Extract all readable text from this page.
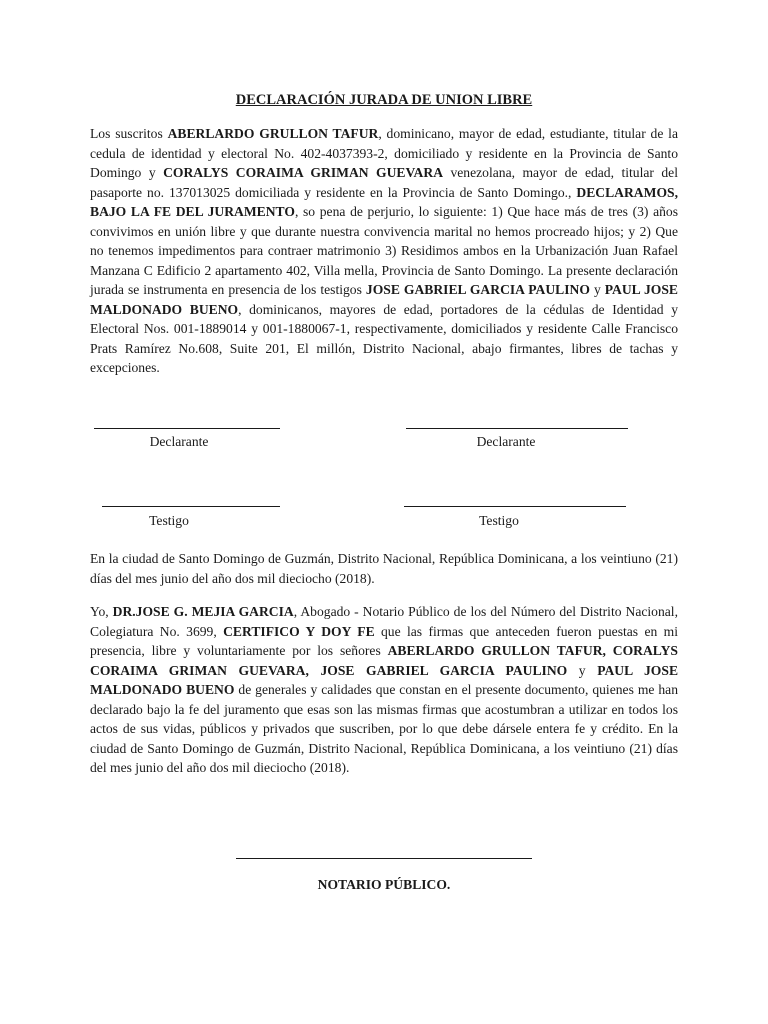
DECLARACIÓN JURADA DE UNION LIBRE
Los suscritos ABERLARDO GRULLON TAFUR, dominicano, mayor de edad, estudiante, titular de la cedula de identidad y electoral No. 402-4037393-2, domiciliado y residente en la Provincia de Santo Domingo y CORALYS CORAIMA GRIMAN GUEVARA venezolana, mayor de edad, titular del pasaporte no. 137013025 domiciliada y residente en la Provincia de Santo Domingo., DECLARAMOS, BAJO LA FE DEL JURAMENTO, so pena de perjurio, lo siguiente: 1) Que hace más de tres (3) años convivimos en unión libre y que durante nuestra convivencia marital no hemos procreado hijos; y 2) Que no tenemos impedimentos para contraer matrimonio 3) Residimos ambos en la Urbanización Juan Rafael Manzana C Edificio 2 apartamento 402, Villa mella, Provincia de Santo Domingo. La presente declaración jurada se instrumenta en presencia de los testigos JOSE GABRIEL GARCIA PAULINO y PAUL JOSE MALDONADO BUENO, dominicanos, mayores de edad, portadores de la cédulas de Identidad y Electoral Nos. 001-1889014 y 001-1880067-1, respectivamente, domiciliados y residente Calle Francisco Prats Ramírez No.608, Suite 201, El millón, Distrito Nacional, abajo firmantes, libres de tachas y excepciones.
Declarante	Declarante
Testigo	Testigo
En la ciudad de Santo Domingo de Guzmán, Distrito Nacional, República Dominicana, a los veintiuno (21) días del mes junio del año dos mil dieciocho (2018).
Yo, DR.JOSE G. MEJIA GARCIA, Abogado - Notario Público de los del Número del Distrito Nacional, Colegiatura No. 3699, CERTIFICO Y DOY FE que las firmas que anteceden fueron puestas en mi presencia, libre y voluntariamente por los señores ABERLARDO GRULLON TAFUR, CORALYS CORAIMA GRIMAN GUEVARA, JOSE GABRIEL GARCIA PAULINO y PAUL JOSE MALDONADO BUENO de generales y calidades que constan en el presente documento, quienes me han declarado bajo la fe del juramento que esas son las mismas firmas que acostumbran a utilizar en todos los actos de sus vidas, públicos y privados que suscriben, por lo que debe dársele entera fe y crédito. En la ciudad de Santo Domingo de Guzmán, Distrito Nacional, República Dominicana, a los veintiuno (21) días del mes junio del año dos mil dieciocho (2018).
NOTARIO PÚBLICO.
